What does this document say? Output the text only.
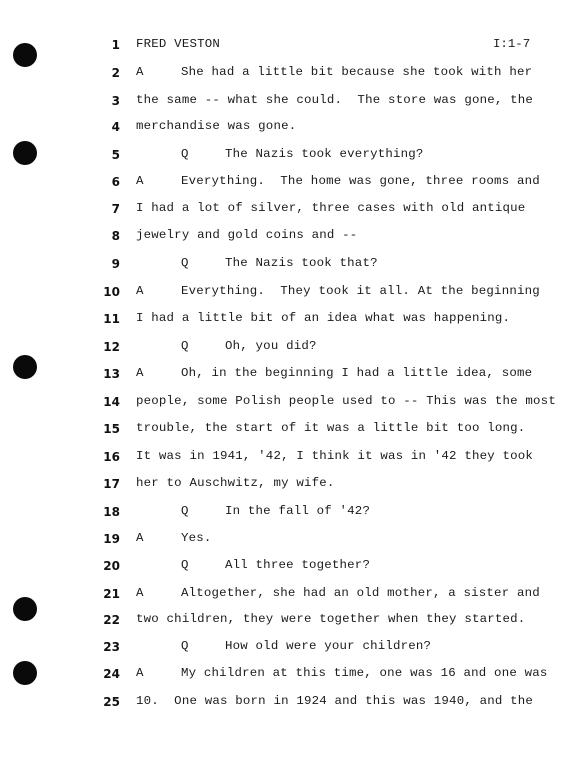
1 FRED VESTON	I:1-7
2 A	She had a little bit because she took with her
3 the same -- what she could.  The store was gone, the
4 merchandise was gone.
5	Q	The Nazis took everything?
6 A	Everything.  The home was gone, three rooms and
7 I had a lot of silver, three cases with old antique
8 jewelry and gold coins and --
9	Q	The Nazis took that?
10 A	Everything.  They took it all. At the beginning
11 I had a little bit of an idea what was happening.
12	Q	Oh, you did?
13 A	Oh, in the beginning I had a little idea, some
14 people, some Polish people used to -- This was the most
15 trouble, the start of it was a little bit too long.
16 It was in 1941, '42, I think it was in '42 they took
17 her to Auschwitz, my wife.
18	Q	In the fall of '42?
19 A	Yes.
20	Q	All three together?
21 A	Altogether, she had an old mother, a sister and
22 two children, they were together when they started.
23	Q	How old were your children?
24 A	My children at this time, one was 16 and one was
25 10.  One was born in 1924 and this was 1940, and the
